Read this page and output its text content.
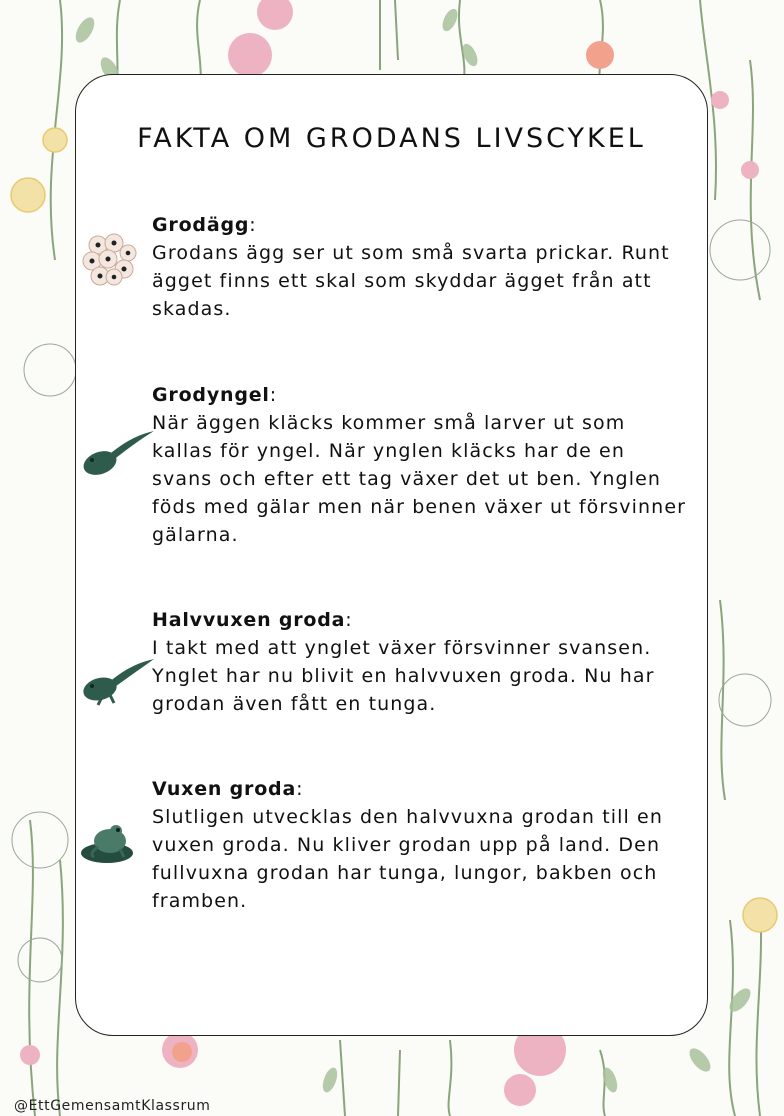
FAKTA OM GRODANS LIVSCYKEL
Grodägg:

Grodans ägg ser ut som små svarta prickar. Runt ägget finns ett skal som skyddar ägget från att skadas.

Grodyngel:

När äggen kläcks kommer små larver ut som kallas för yngel. När ynglen kläcks har de en svans och efter ett tag växer det ut ben. Ynglen föds med gälar men när benen växer ut försvinner gälarna.

Halvvuxen groda:

I takt med att ynglet växer försvinner svansen. Ynglet har nu blivit en halvvuxen groda. Nu har grodan även fått en tunga.

Vuxen groda:

Slutligen utvecklas den halvvuxna grodan till en vuxen groda. Nu kliver grodan upp på land. Den fullvuxna grodan har tunga, lungor, bakben och framben.

@EttGemensamtKlassrum
